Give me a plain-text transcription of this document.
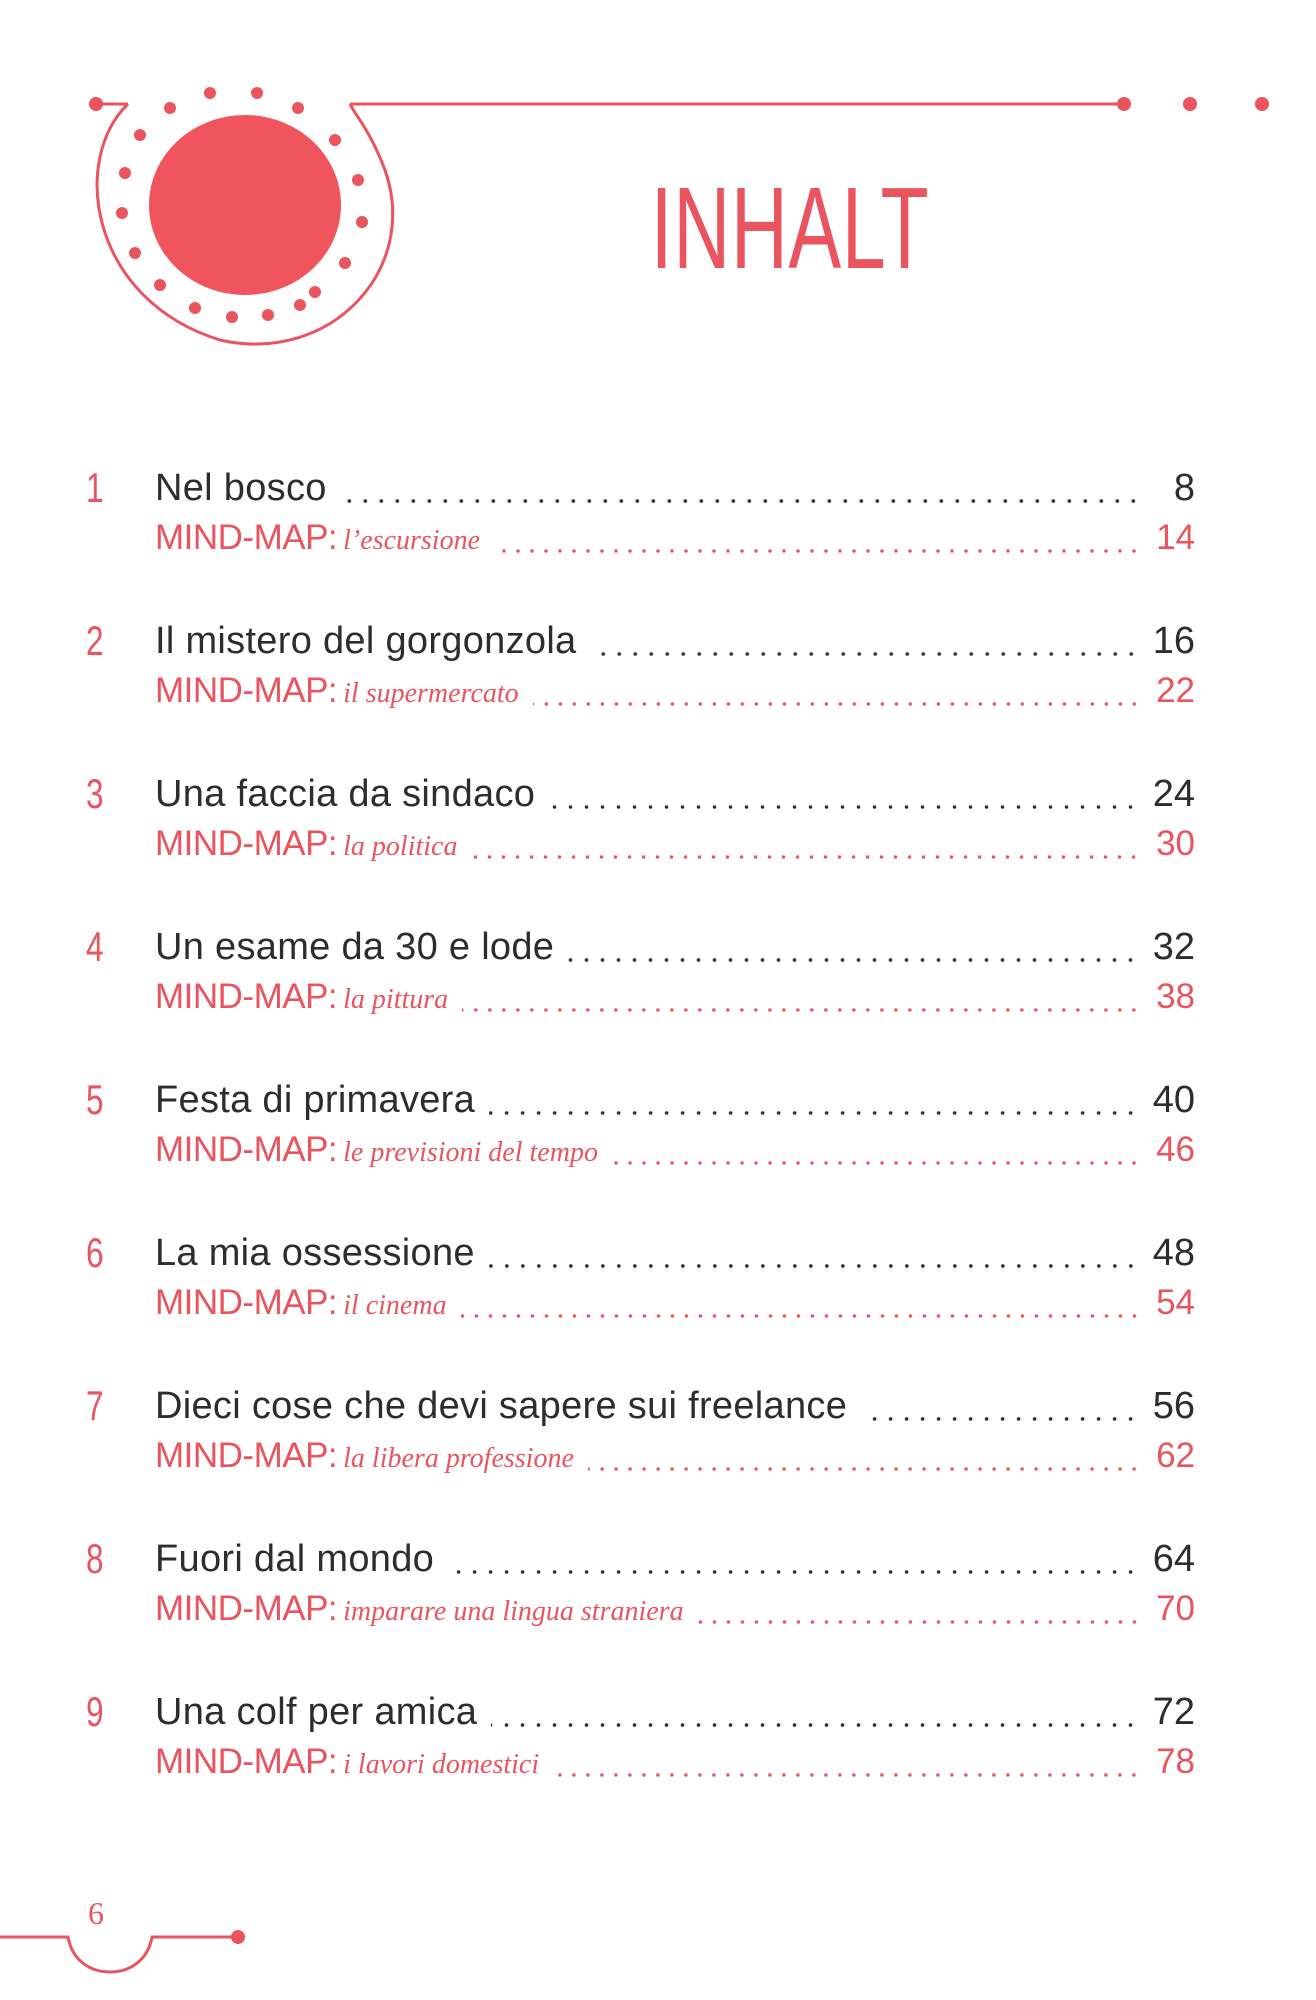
INHALT
1 Nel bosco	8
MIND-MAP: l’escursione	14
2 Il mistero del gorgonzola	16
MIND-MAP: il supermercato	22
3 Una faccia da sindaco	24
MIND-MAP: la politica	30
4 Un esame da 30 e lode	32
MIND-MAP: la pittura	38
5 Festa di primavera	40
MIND-MAP: le previsioni del tempo	46
6 La mia ossessione	48
MIND-MAP: il cinema	54
7 Dieci cose che devi sapere sui freelance	56
MIND-MAP: la libera professione	62
8 Fuori dal mondo	64
MIND-MAP: imparare una lingua straniera	70
9 Una colf per amica	72
MIND-MAP: i lavori domestici	78
6
